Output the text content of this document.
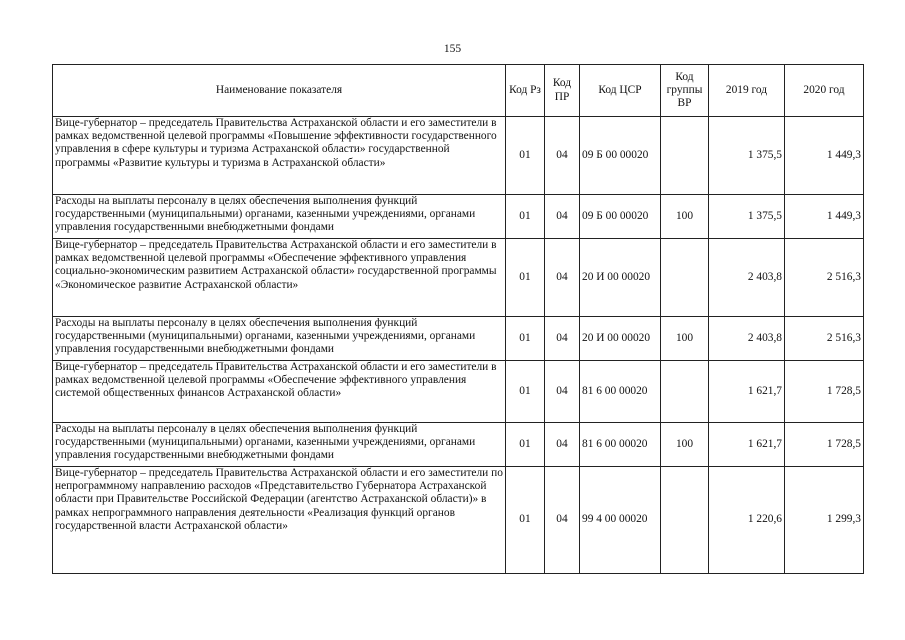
155
Наименование показателя	Код Рз	Код ПР	Код ЦСР	Код группы ВР	2019 год	2020 год
Вице-губернатор – председатель Правительства Астраханской области и его заместители в рамках ведомственной целевой программы «Повышение эффективности государственного управления в сфере культуры и туризма Астраханской области» государственной программы «Развитие культуры и туризма в Астраханской области»	01	04	09 Б 00 00020		1 375,5	1 449,3
Расходы на выплаты персоналу в целях обеспечения выполнения функций государственными (муниципальными) органами, казенными учреждениями, органами управления государственными внебюджетными фондами	01	04	09 Б 00 00020	100	1 375,5	1 449,3
Вице-губернатор – председатель Правительства Астраханской области и его заместители в рамках ведомственной целевой программы «Обеспечение эффективного управления социально-экономическим развитием Астраханской области» государственной программы «Экономическое развитие Астраханской области»	01	04	20 И 00 00020		2 403,8	2 516,3
Расходы на выплаты персоналу в целях обеспечения выполнения функций государственными (муниципальными) органами, казенными учреждениями, органами управления государственными внебюджетными фондами	01	04	20 И 00 00020	100	2 403,8	2 516,3
Вице-губернатор – председатель Правительства Астраханской области и его заместители в рамках ведомственной целевой программы «Обеспечение эффективного управления системой общественных финансов Астраханской области»	01	04	81 6 00 00020		1 621,7	1 728,5
Расходы на выплаты персоналу в целях обеспечения выполнения функций государственными (муниципальными) органами, казенными учреждениями, органами управления государственными внебюджетными фондами	01	04	81 6 00 00020	100	1 621,7	1 728,5
Вице-губернатор – председатель Правительства Астраханской области и его заместители по непрограммному направлению расходов «Представительство Губернатора Астраханской области при Правительстве Российской Федерации (агентство Астраханской области)» в рамках непрограммного направления деятельности «Реализация функций органов государственной власти Астраханской области»	01	04	99 4 00 00020		1 220,6	1 299,3
